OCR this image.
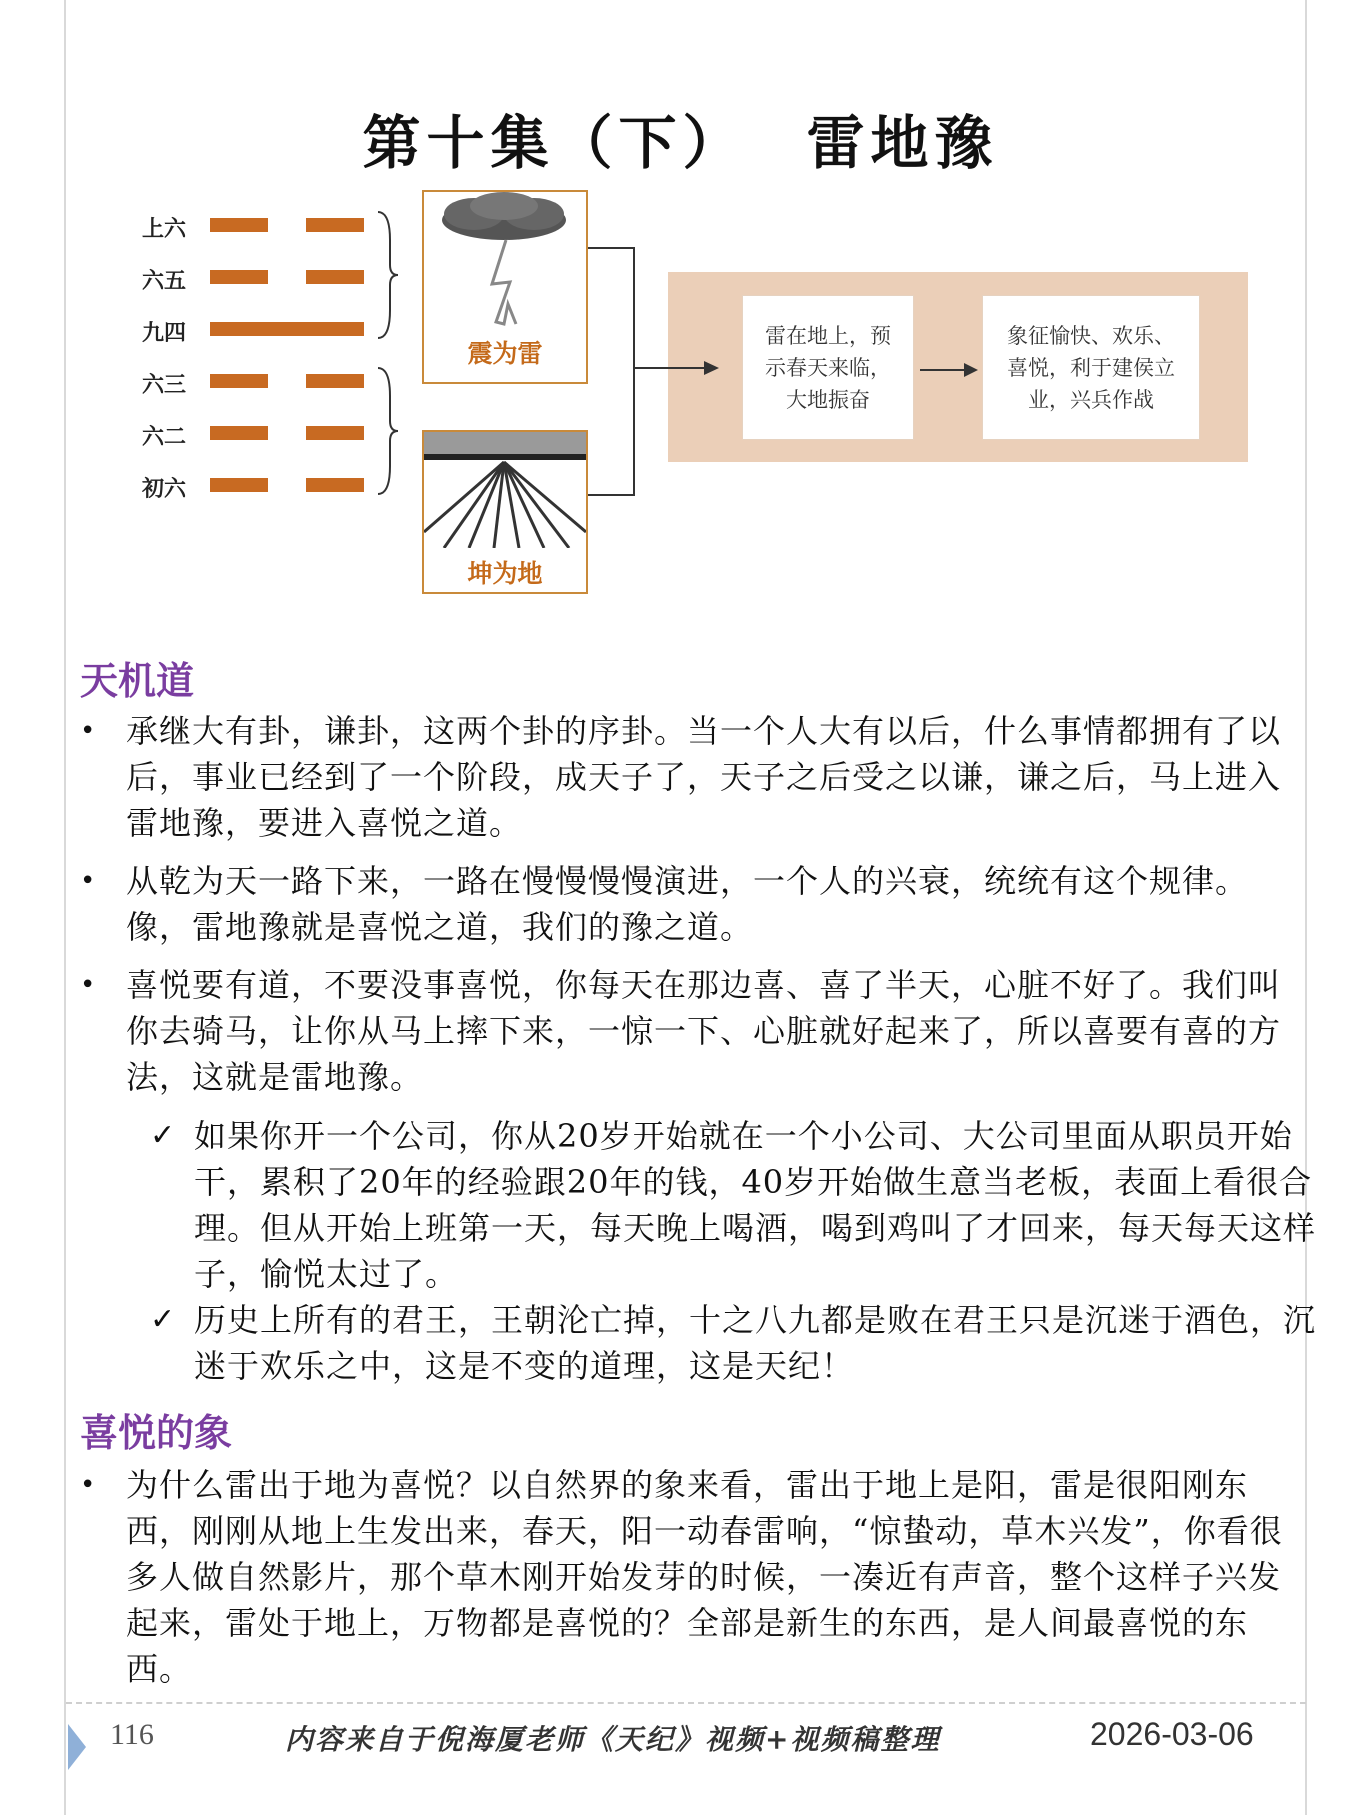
第十集（下） 雷地豫
上六
六五
九四
六三
六二
初六
震为雷
坤为地
雷在地上，预示春天来临，大地振奋
象征愉快、欢乐、喜悦，利于建侯立业，兴兵作战
天机道
• 承继大有卦，谦卦，这两个卦的序卦。当一个人大有以后，什么事情都拥有了以后，事业已经到了一个阶段，成天子了，天子之后受之以谦，谦之后，马上进入雷地豫，要进入喜悦之道。
• 从乾为天一路下来，一路在慢慢慢慢演进，一个人的兴衰，统统有这个规律。像，雷地豫就是喜悦之道，我们的豫之道。
• 喜悦要有道，不要没事喜悦，你每天在那边喜、喜了半天，心脏不好了。我们叫你去骑马，让你从马上摔下来，一惊一下、心脏就好起来了，所以喜要有喜的方法，这就是雷地豫。
✓ 如果你开一个公司，你从20岁开始就在一个小公司、大公司里面从职员开始干，累积了20年的经验跟20年的钱，40岁开始做生意当老板，表面上看很合理。但从开始上班第一天，每天晚上喝酒，喝到鸡叫了才回来，每天每天这样子，愉悦太过了。
✓ 历史上所有的君王，王朝沦亡掉，十之八九都是败在君王只是沉迷于酒色，沉迷于欢乐之中，这是不变的道理，这是天纪！
喜悦的象
• 为什么雷出于地为喜悦？以自然界的象来看，雷出于地上是阳，雷是很阳刚东西，刚刚从地上生发出来，春天，阳一动春雷响，“惊蛰动，草木兴发”，你看很多人做自然影片，那个草木刚开始发芽的时候，一凑近有声音，整个这样子兴发起来，雷处于地上，万物都是喜悦的？全部是新生的东西，是人间最喜悦的东西。
116	内容来自于倪海厦老师《天纪》视频+视频稿整理	2026-03-06
